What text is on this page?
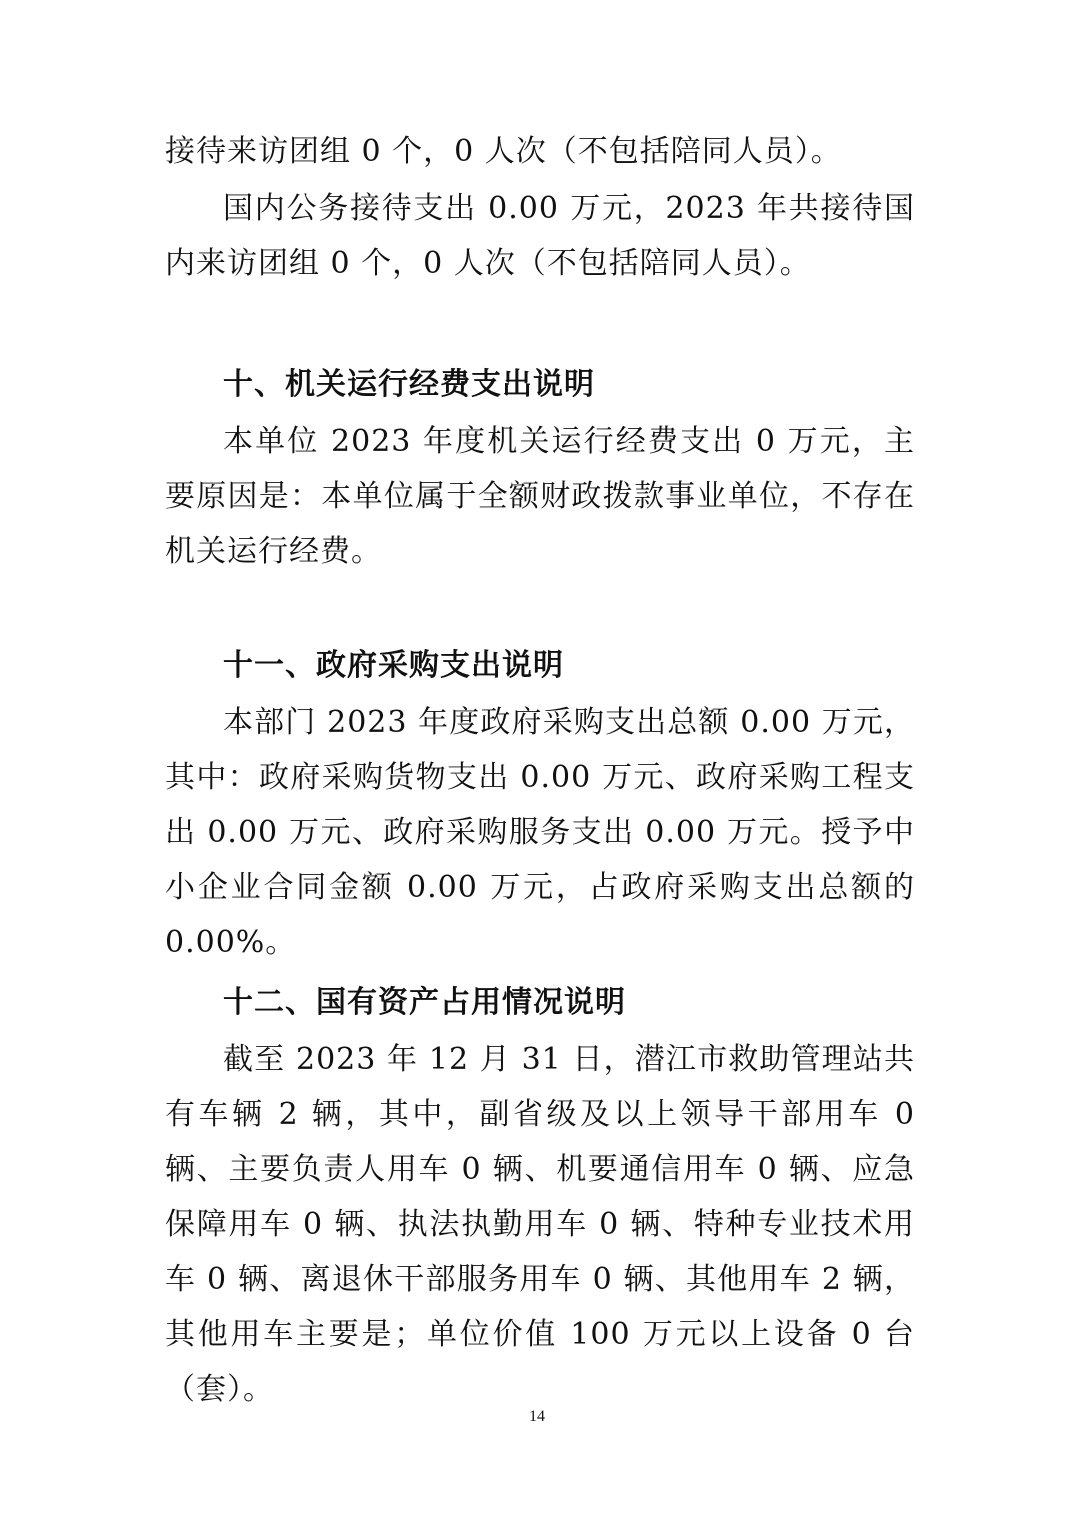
接待来访团组 0 个，0 人次（不包括陪同人员）。

国内公务接待支出 0.00 万元，2023 年共接待国内来访团组 0 个，0 人次（不包括陪同人员）。

十、机关运行经费支出说明

本单位 2023 年度机关运行经费支出 0 万元，主要原因是：本单位属于全额财政拨款事业单位，不存在机关运行经费。

十一、政府采购支出说明

本部门 2023 年度政府采购支出总额 0.00 万元，其中：政府采购货物支出 0.00 万元、政府采购工程支出 0.00 万元、政府采购服务支出 0.00 万元。授予中小企业合同金额 0.00 万元，占政府采购支出总额的 0.00%。

十二、国有资产占用情况说明

截至 2023 年 12 月 31 日，潜江市救助管理站共有车辆 2 辆，其中，副省级及以上领导干部用车 0 辆、主要负责人用车 0 辆、机要通信用车 0 辆、应急保障用车 0 辆、执法执勤用车 0 辆、特种专业技术用车 0 辆、离退休干部服务用车 0 辆、其他用车 2 辆，其他用车主要是；单位价值 100 万元以上设备 0 台（套）。

14
